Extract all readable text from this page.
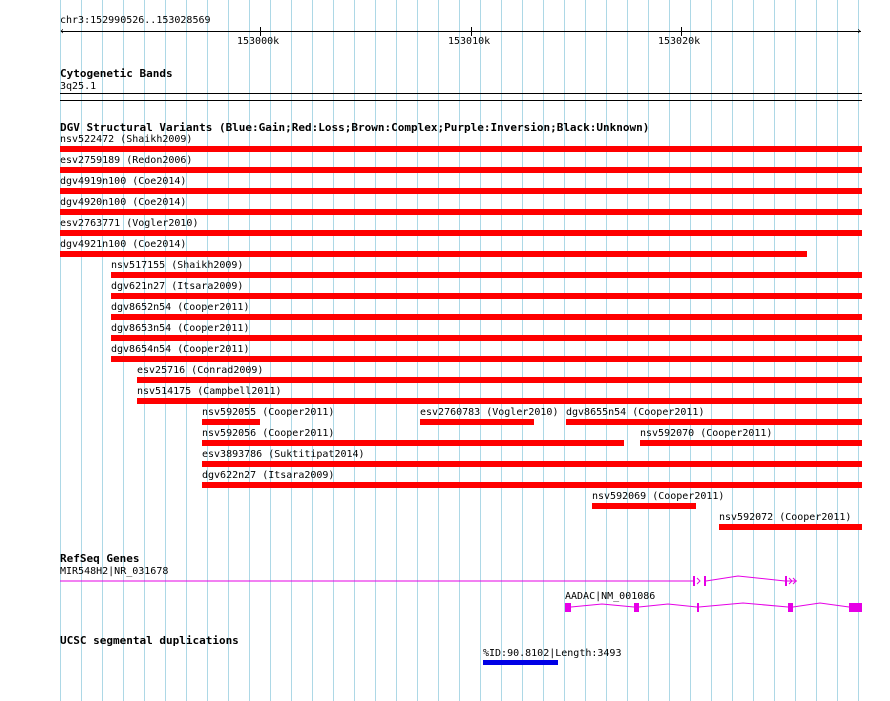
chr3:152990526..153028569
‹	›
153000k	153010k	153020k
Cytogenetic Bands
3q25.1
DGV Structural Variants (Blue:Gain;Red:Loss;Brown:Complex;Purple:Inversion;Black:Unknown)
nsv522472 (Shaikh2009)
esv2759189 (Redon2006)
dgv4919n100 (Coe2014)
dgv4920n100 (Coe2014)
esv2763771 (Vogler2010)
dgv4921n100 (Coe2014)
nsv517155 (Shaikh2009)
dgv621n27 (Itsara2009)
dgv8652n54 (Cooper2011)
dgv8653n54 (Cooper2011)
dgv8654n54 (Cooper2011)
esv25716 (Conrad2009)
nsv514175 (Campbell2011)
nsv592055 (Cooper2011)	esv2760783 (Vogler2010) dgv8655n54 (Cooper2011)
nsv592056 (Cooper2011)	nsv592070 (Cooper2011)
esv3893786 (Suktitipat2014)
dgv622n27 (Itsara2009)
nsv592069 (Cooper2011)
nsv592072 (Cooper2011)
RefSeq Genes
MIR548H2|NR_031678
AADAC|NM_001086
UCSC segmental duplications
%ID:90.8102|Length:3493
